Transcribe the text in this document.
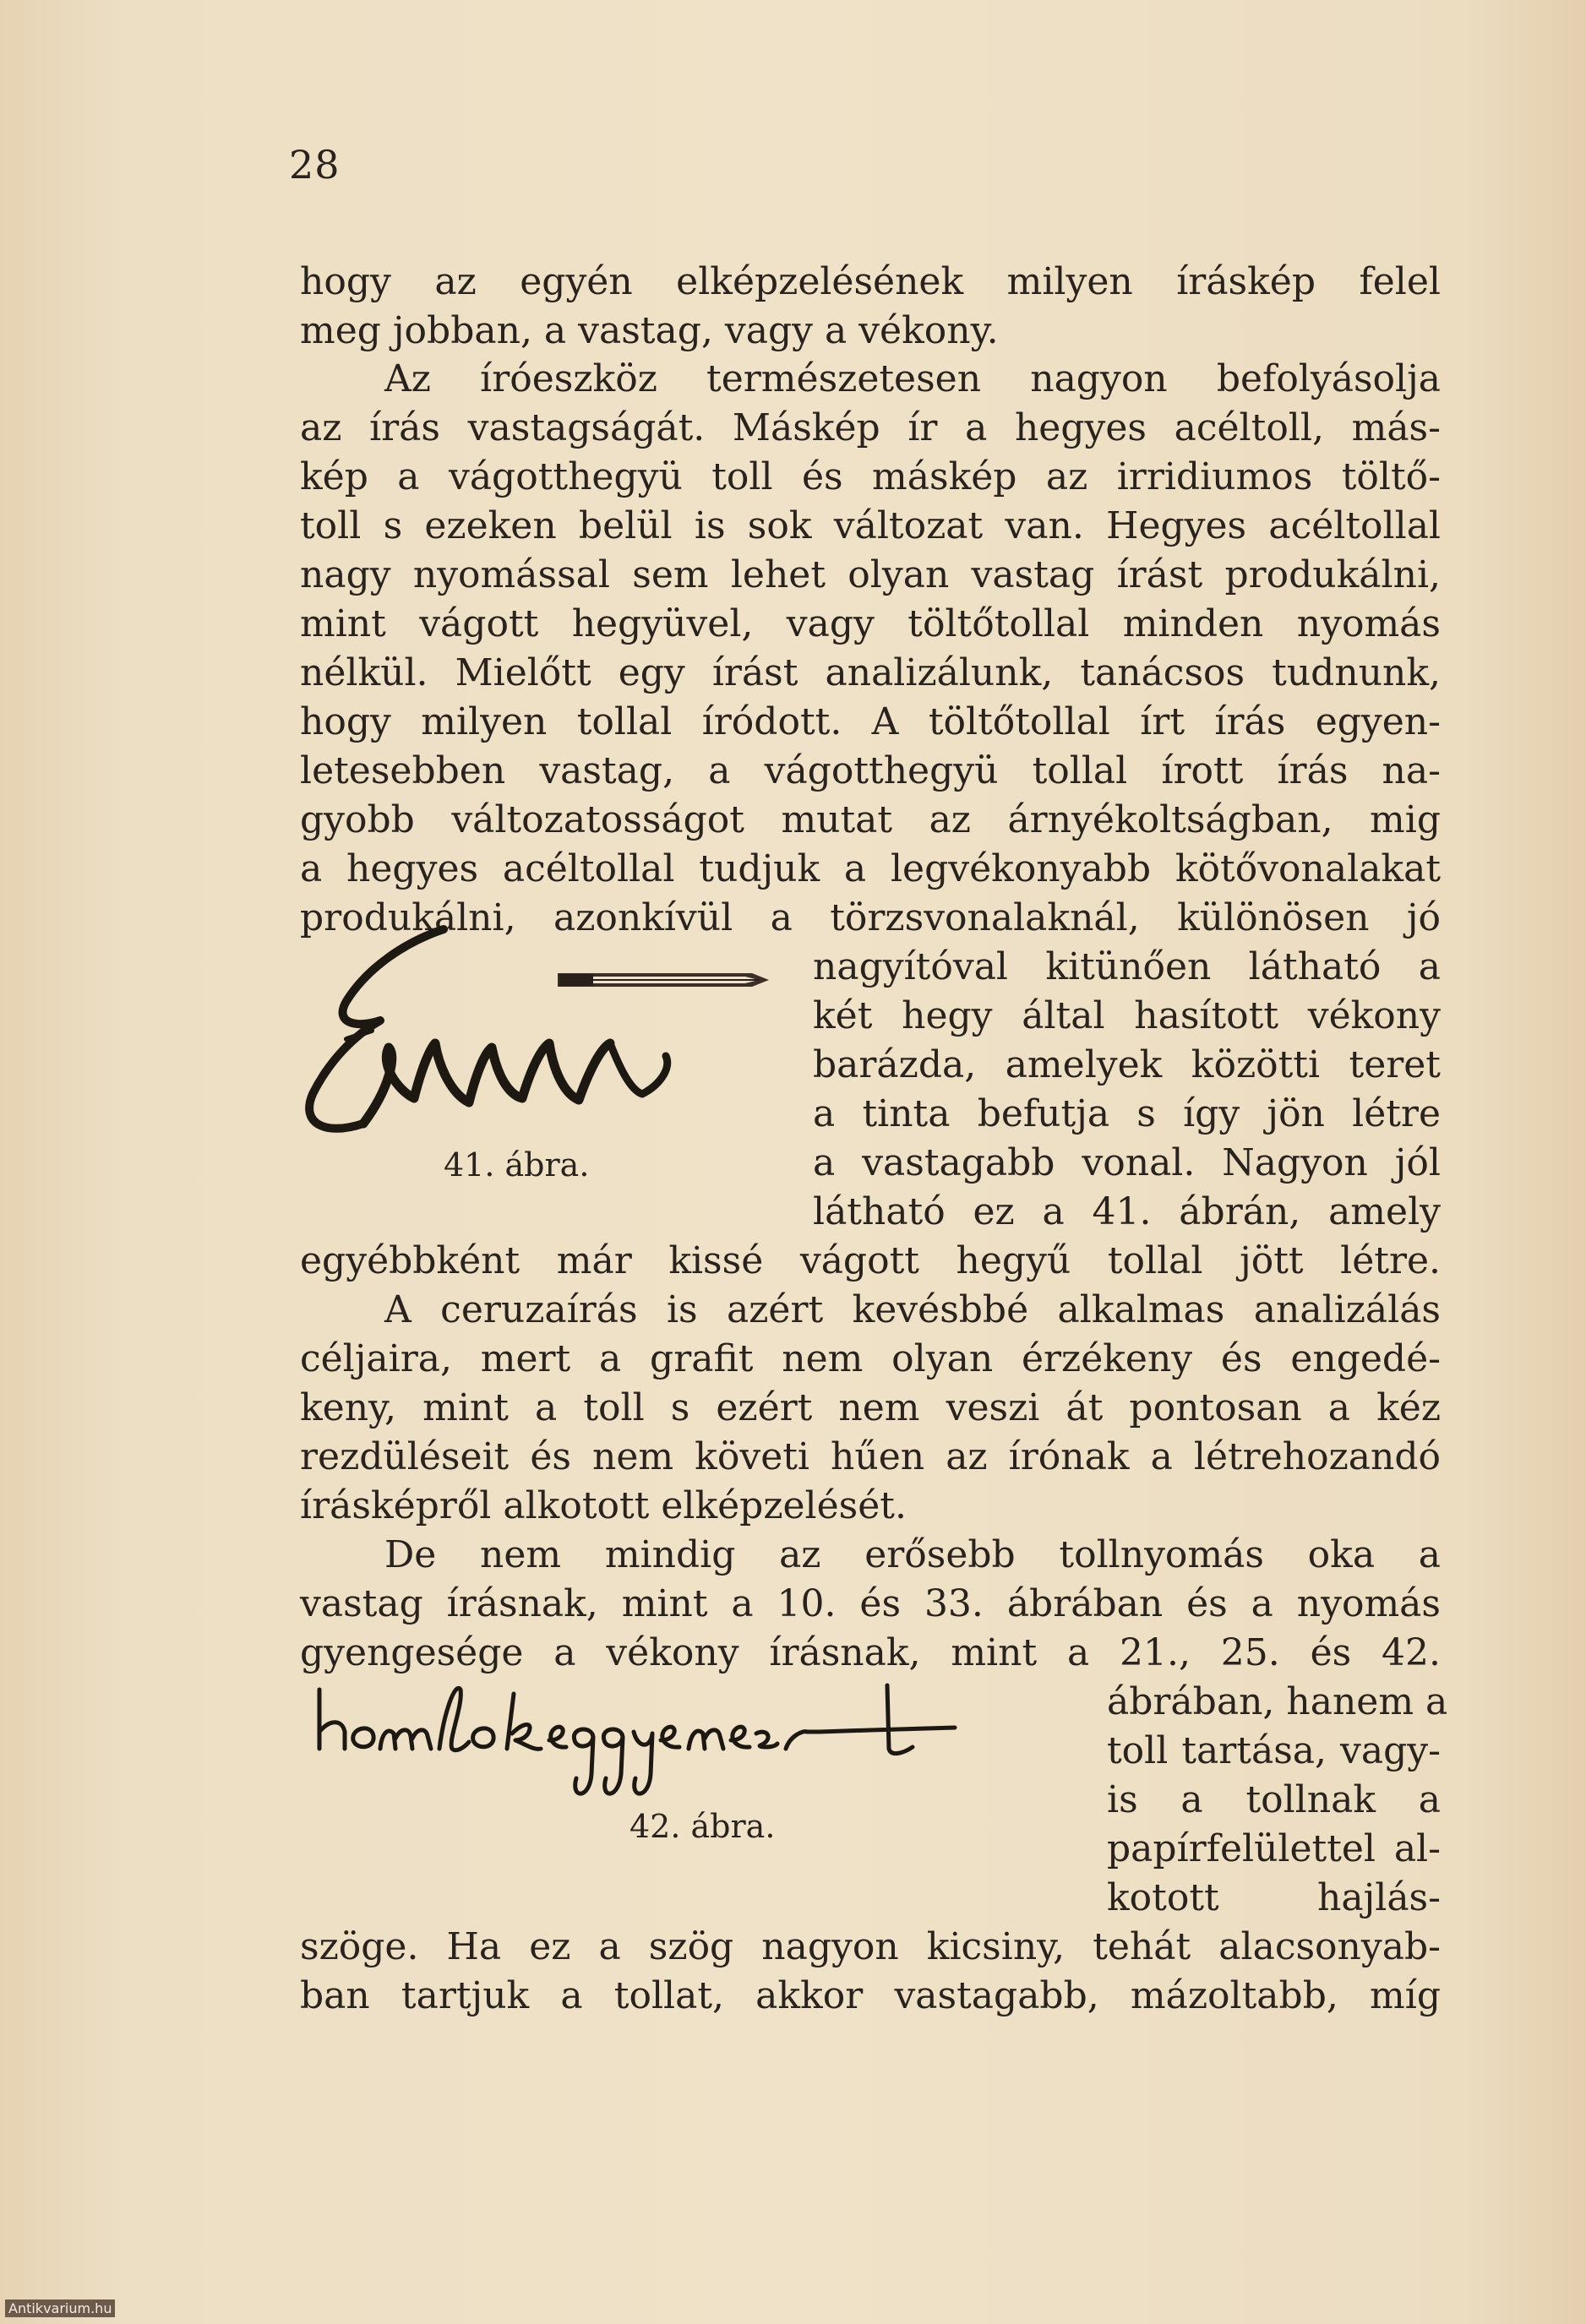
28
hogy az egyén elképzelésének milyen íráskép felel
meg jobban, a vastag, vagy a vékony.
Az íróeszköz természetesen nagyon befolyásolja
az írás vastagságát. Máskép ír a hegyes acéltoll, más-
kép a vágotthegyü toll és máskép az irridiumos töltő-
toll s ezeken belül is sok változat van. Hegyes acéltollal
nagy nyomással sem lehet olyan vastag írást produkálni,
mint vágott hegyüvel, vagy töltőtollal minden nyomás
nélkül. Mielőtt egy írást analizálunk, tanácsos tudnunk,
hogy milyen tollal íródott. A töltőtollal írt írás egyen-
letesebben vastag, a vágotthegyü tollal írott írás na-
gyobb változatosságot mutat az árnyékoltságban, mig
a hegyes acéltollal tudjuk a legvékonyabb kötővonalakat
produkálni, azonkívül a törzsvonalaknál, különösen jó
41. ábra.
nagyítóval kitünően látható a
két hegy által hasított vékony
barázda, amelyek közötti teret
a tinta befutja s így jön létre
a vastagabb vonal. Nagyon jól
látható ez a 41. ábrán, amely
egyébbként már kissé vágott hegyű tollal jött létre.
A ceruzaírás is azért kevésbbé alkalmas analizálás
céljaira, mert a grafit nem olyan érzékeny és engedé-
keny, mint a toll s ezért nem veszi át pontosan a kéz
rezdüléseit és nem követi hűen az írónak a létrehozandó
írásképről alkotott elképzelését.
De nem mindig az erősebb tollnyomás oka a
vastag írásnak, mint a 10. és 33. ábrában és a nyomás
gyengesége a vékony írásnak, mint a 21., 25. és 42.
42. ábra.
ábrában, hanem a
toll tartása, vagy-
is a tollnak a
papírfelülettel al-
kotott hajlás-
szöge. Ha ez a szög nagyon kicsiny, tehát alacsonyab-
ban tartjuk a tollat, akkor vastagabb, mázoltabb, míg
Antikvarium.hu
